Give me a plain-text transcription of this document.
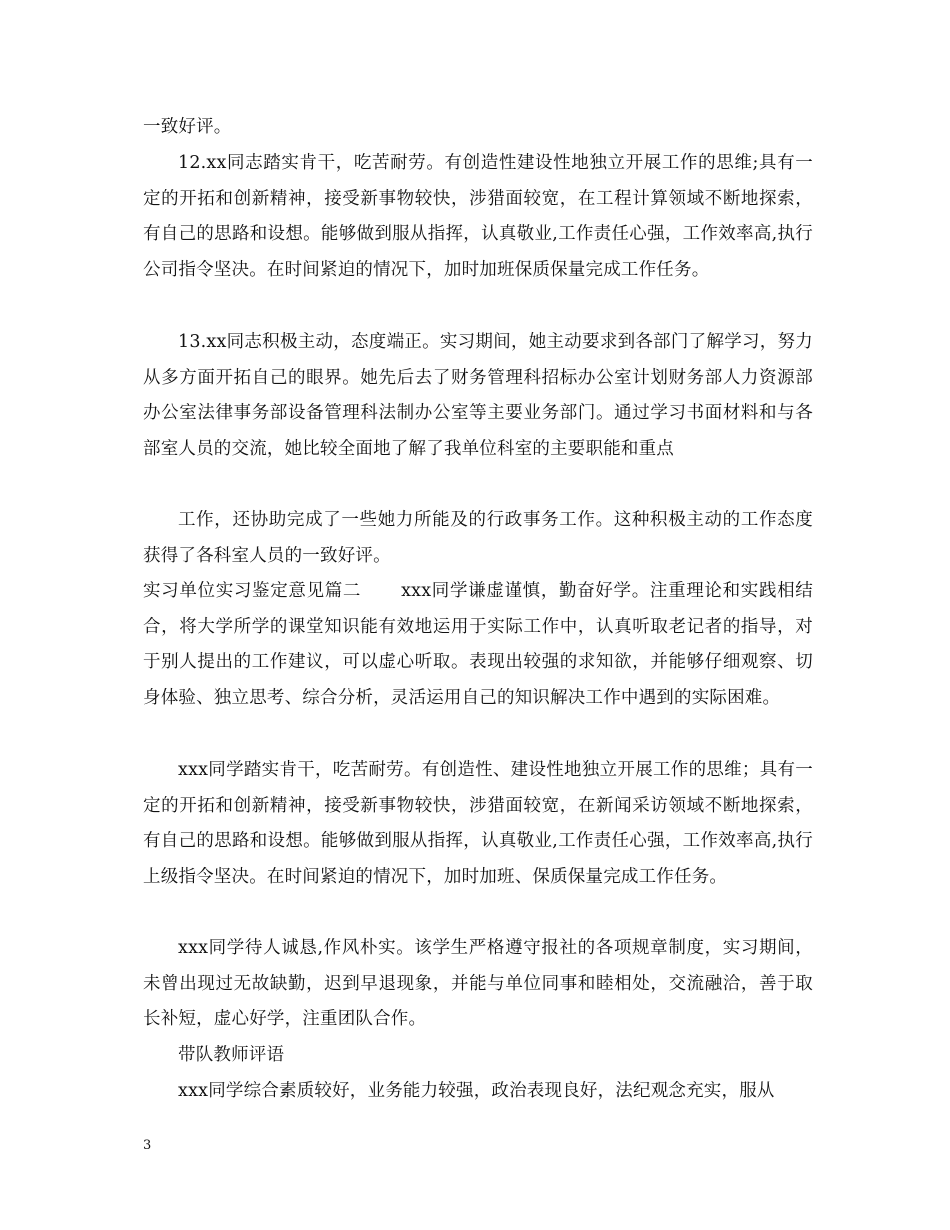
一致好评。

12.xx同志踏实肯干，吃苦耐劳。有创造性建设性地独立开展工作的思维;具有一定的开拓和创新精神，接受新事物较快，涉猎面较宽，在工程计算领域不断地探索，有自己的思路和设想。能够做到服从指挥，认真敬业,工作责任心强，工作效率高,执行公司指令坚决。在时间紧迫的情况下，加时加班保质保量完成工作任务。

13.xx同志积极主动，态度端正。实习期间，她主动要求到各部门了解学习，努力从多方面开拓自己的眼界。她先后去了财务管理科招标办公室计划财务部人力资源部办公室法律事务部设备管理科法制办公室等主要业务部门。通过学习书面材料和与各部室人员的交流，她比较全面地了解了我单位科室的主要职能和重点

工作，还协助完成了一些她力所能及的行政事务工作。这种积极主动的工作态度获得了各科室人员的一致好评。

实习单位实习鉴定意见篇二 xxx同学谦虚谨慎，勤奋好学。注重理论和实践相结合，将大学所学的课堂知识能有效地运用于实际工作中，认真听取老记者的指导，对于别人提出的工作建议，可以虚心听取。表现出较强的求知欲，并能够仔细观察、切身体验、独立思考、综合分析，灵活运用自己的知识解决工作中遇到的实际困难。

xxx同学踏实肯干，吃苦耐劳。有创造性、建设性地独立开展工作的思维；具有一定的开拓和创新精神，接受新事物较快，涉猎面较宽，在新闻采访领域不断地探索，有自己的思路和设想。能够做到服从指挥，认真敬业,工作责任心强，工作效率高,执行上级指令坚决。在时间紧迫的情况下，加时加班、保质保量完成工作任务。

xxx同学待人诚恳,作风朴实。该学生严格遵守报社的各项规章制度，实习期间，未曾出现过无故缺勤，迟到早退现象，并能与单位同事和睦相处，交流融洽，善于取长补短，虚心好学，注重团队合作。

带队教师评语

xxx同学综合素质较好，业务能力较强，政治表现良好，法纪观念充实，服从

3
